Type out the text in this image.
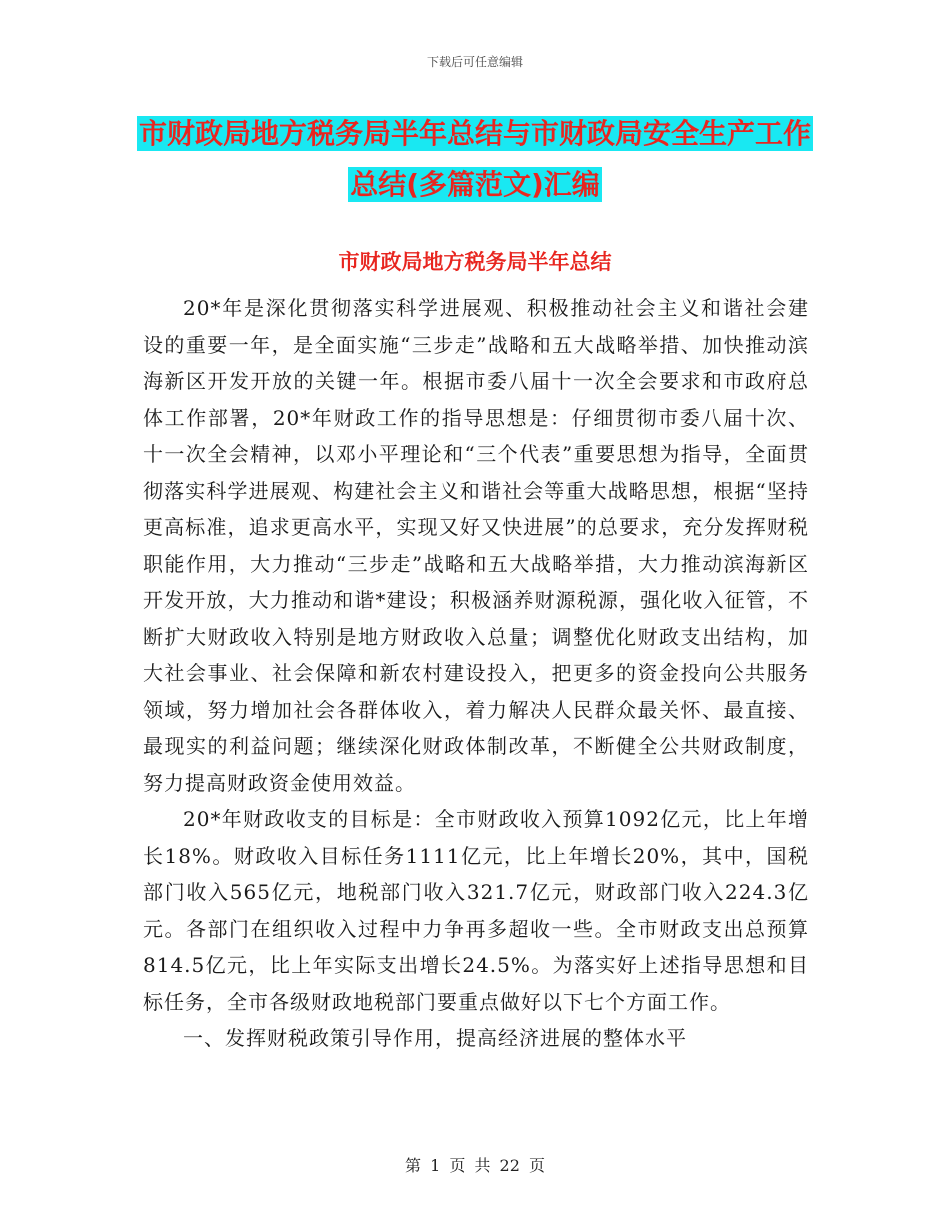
下载后可任意编辑
市财政局地方税务局半年总结与市财政局安全生产工作总结(多篇范文)汇编
市财政局地方税务局半年总结

20*年是深化贯彻落实科学进展观、积极推动社会主义和谐社会建设的重要一年，是全面实施“三步走”战略和五大战略举措、加快推动滨海新区开发开放的关键一年。根据市委八届十一次全会要求和市政府总体工作部署，20*年财政工作的指导思想是：仔细贯彻市委八届十次、十一次全会精神，以邓小平理论和“三个代表”重要思想为指导，全面贯彻落实科学进展观、构建社会主义和谐社会等重大战略思想，根据“坚持更高标准，追求更高水平，实现又好又快进展”的总要求，充分发挥财税职能作用，大力推动“三步走”战略和五大战略举措，大力推动滨海新区开发开放，大力推动和谐*建设；积极涵养财源税源，强化收入征管，不断扩大财政收入特别是地方财政收入总量；调整优化财政支出结构，加大社会事业、社会保障和新农村建设投入，把更多的资金投向公共服务领域，努力增加社会各群体收入，着力解决人民群众最关怀、最直接、最现实的利益问题；继续深化财政体制改革，不断健全公共财政制度，努力提高财政资金使用效益。

20*年财政收支的目标是：全市财政收入预算1092亿元，比上年增长18%。财政收入目标任务1111亿元，比上年增长20%，其中，国税部门收入565亿元，地税部门收入321.7亿元，财政部门收入224.3亿元。各部门在组织收入过程中力争再多超收一些。全市财政支出总预算814.5亿元，比上年实际支出增长24.5%。为落实好上述指导思想和目标任务，全市各级财政地税部门要重点做好以下七个方面工作。

一、发挥财税政策引导作用，提高经济进展的整体水平

第 1 页 共 22 页
